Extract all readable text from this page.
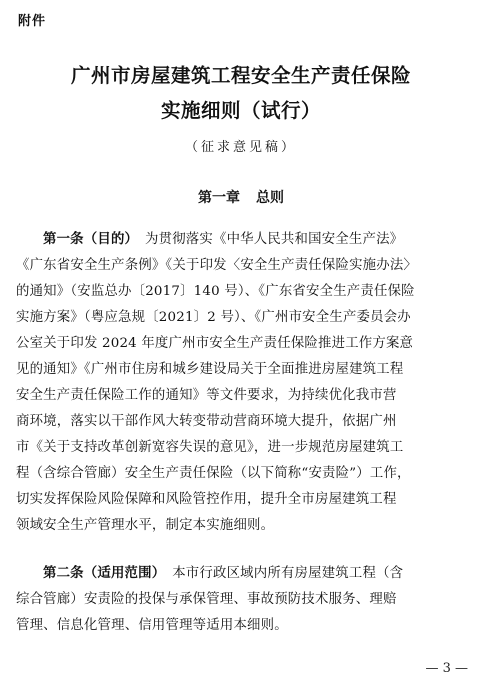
附件
广州市房屋建筑工程安全生产责任保险
实施细则（试行）
（征求意见稿）
第一章 总则
第一条（目的）　 为贯彻落实《中华人民共和国安全生产法》
《广东省安全生产条例》《关于印发〈安全生产责任保险实施办法〉
的通知》（安监总办〔2017〕140 号）、《广东省安全生产责任保险
实施方案》（粤应急规〔2021〕2 号）、《广州市安全生产委员会办
公室关于印发 2024 年度广州市安全生产责任保险推进工作方案意
见的通知》《广州市住房和城乡建设局关于全面推进房屋建筑工程
安全生产责任保险工作的通知》等文件要求，为持续优化我市营
商环境，落实以干部作风大转变带动营商环境大提升，依据广州
市《关于支持改革创新宽容失误的意见》，进一步规范房屋建筑工
程（含综合管廊）安全生产责任保险（以下简称“安责险”）工作，
切实发挥保险风险保障和风险管控作用，提升全市房屋建筑工程
领域安全生产管理水平，制定本实施细则。
第二条（适用范围）　 本市行政区域内所有房屋建筑工程（含
综合管廊）安责险的投保与承保管理、事故预防技术服务、理赔
管理、信息化管理、信用管理等适用本细则。
— 3 —
